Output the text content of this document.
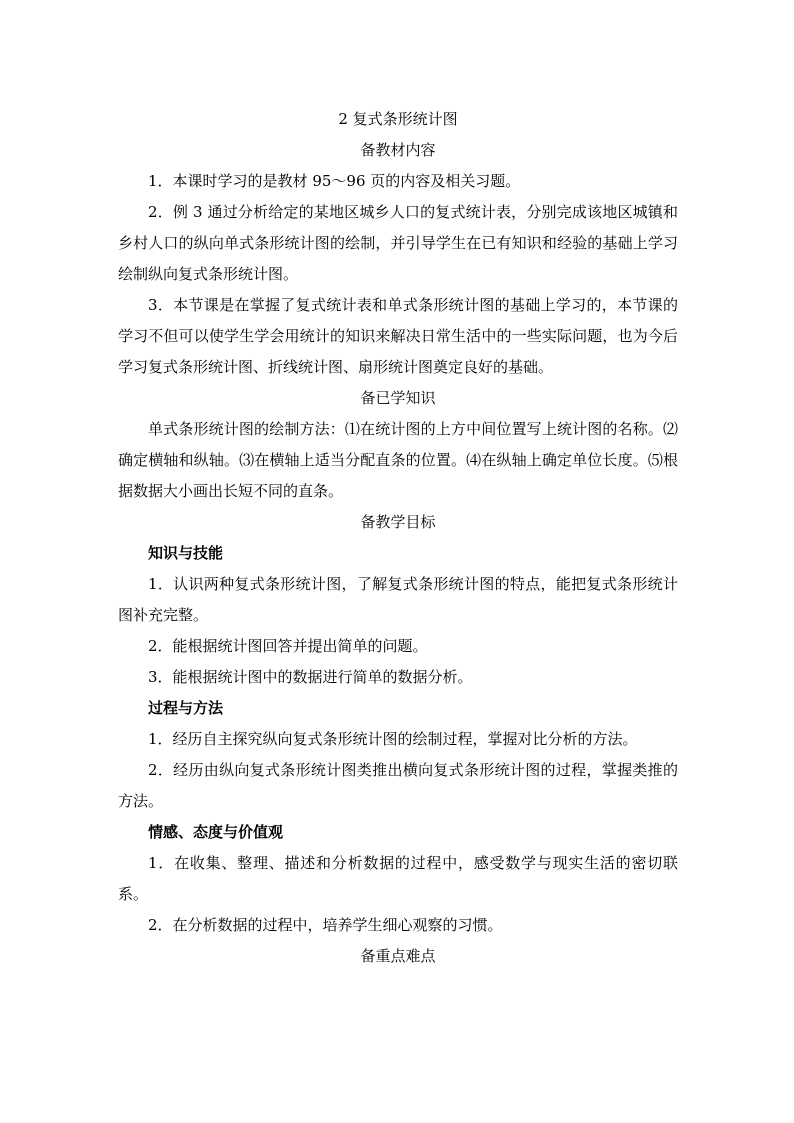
2 复式条形统计图
备教材内容

1．本课时学习的是教材 95～96 页的内容及相关习题。

2．例 3 通过分析给定的某地区城乡人口的复式统计表，分别完成该地区城镇和乡村人口的纵向单式条形统计图的绘制，并引导学生在已有知识和经验的基础上学习绘制纵向复式条形统计图。

3．本节课是在掌握了复式统计表和单式条形统计图的基础上学习的，本节课的学习不但可以使学生学会用统计的知识来解决日常生活中的一些实际问题，也为今后学习复式条形统计图、折线统计图、扇形统计图奠定良好的基础。

备已学知识

单式条形统计图的绘制方法：⑴在统计图的上方中间位置写上统计图的名称。⑵确定横轴和纵轴。⑶在横轴上适当分配直条的位置。⑷在纵轴上确定单位长度。⑸根据数据大小画出长短不同的直条。

备教学目标

知识与技能

1．认识两种复式条形统计图，了解复式条形统计图的特点，能把复式条形统计图补充完整。

2．能根据统计图回答并提出简单的问题。

3．能根据统计图中的数据进行简单的数据分析。

过程与方法

1．经历自主探究纵向复式条形统计图的绘制过程，掌握对比分析的方法。

2．经历由纵向复式条形统计图类推出横向复式条形统计图的过程，掌握类推的方法。

情感、态度与价值观

1．在收集、整理、描述和分析数据的过程中，感受数学与现实生活的密切联系。

2．在分析数据的过程中，培养学生细心观察的习惯。

备重点难点
